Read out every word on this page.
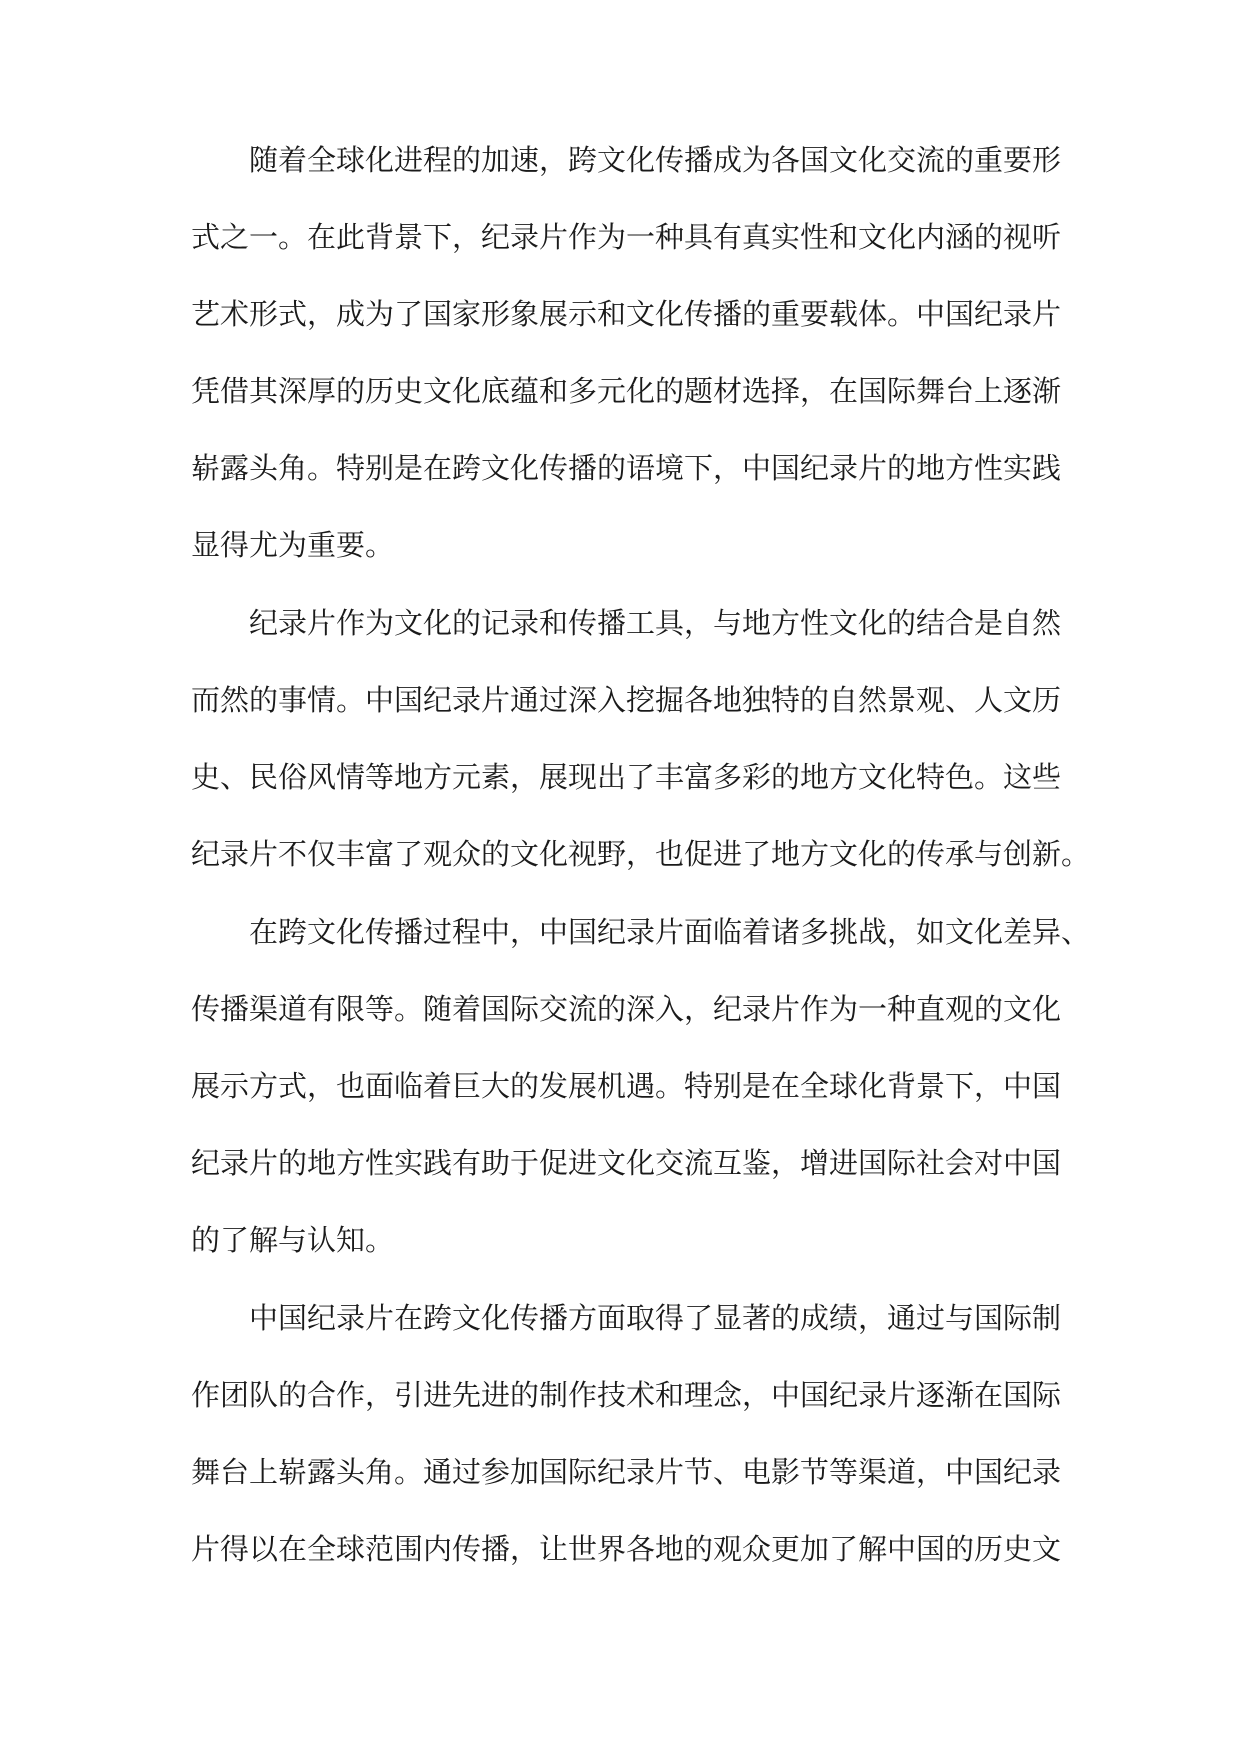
随着全球化进程的加速，跨文化传播成为各国文化交流的重要形
式之一。在此背景下，纪录片作为一种具有真实性和文化内涵的视听
艺术形式，成为了国家形象展示和文化传播的重要载体。中国纪录片
凭借其深厚的历史文化底蕴和多元化的题材选择，在国际舞台上逐渐
崭露头角。特别是在跨文化传播的语境下，中国纪录片的地方性实践
显得尤为重要。
纪录片作为文化的记录和传播工具，与地方性文化的结合是自然
而然的事情。中国纪录片通过深入挖掘各地独特的自然景观、人文历
史、民俗风情等地方元素，展现出了丰富多彩的地方文化特色。这些
纪录片不仅丰富了观众的文化视野，也促进了地方文化的传承与创新。
在跨文化传播过程中，中国纪录片面临着诸多挑战，如文化差异、
传播渠道有限等。随着国际交流的深入，纪录片作为一种直观的文化
展示方式，也面临着巨大的发展机遇。特别是在全球化背景下，中国
纪录片的地方性实践有助于促进文化交流互鉴，增进国际社会对中国
的了解与认知。
中国纪录片在跨文化传播方面取得了显著的成绩，通过与国际制
作团队的合作，引进先进的制作技术和理念，中国纪录片逐渐在国际
舞台上崭露头角。通过参加国际纪录片节、电影节等渠道，中国纪录
片得以在全球范围内传播，让世界各地的观众更加了解中国的历史文
